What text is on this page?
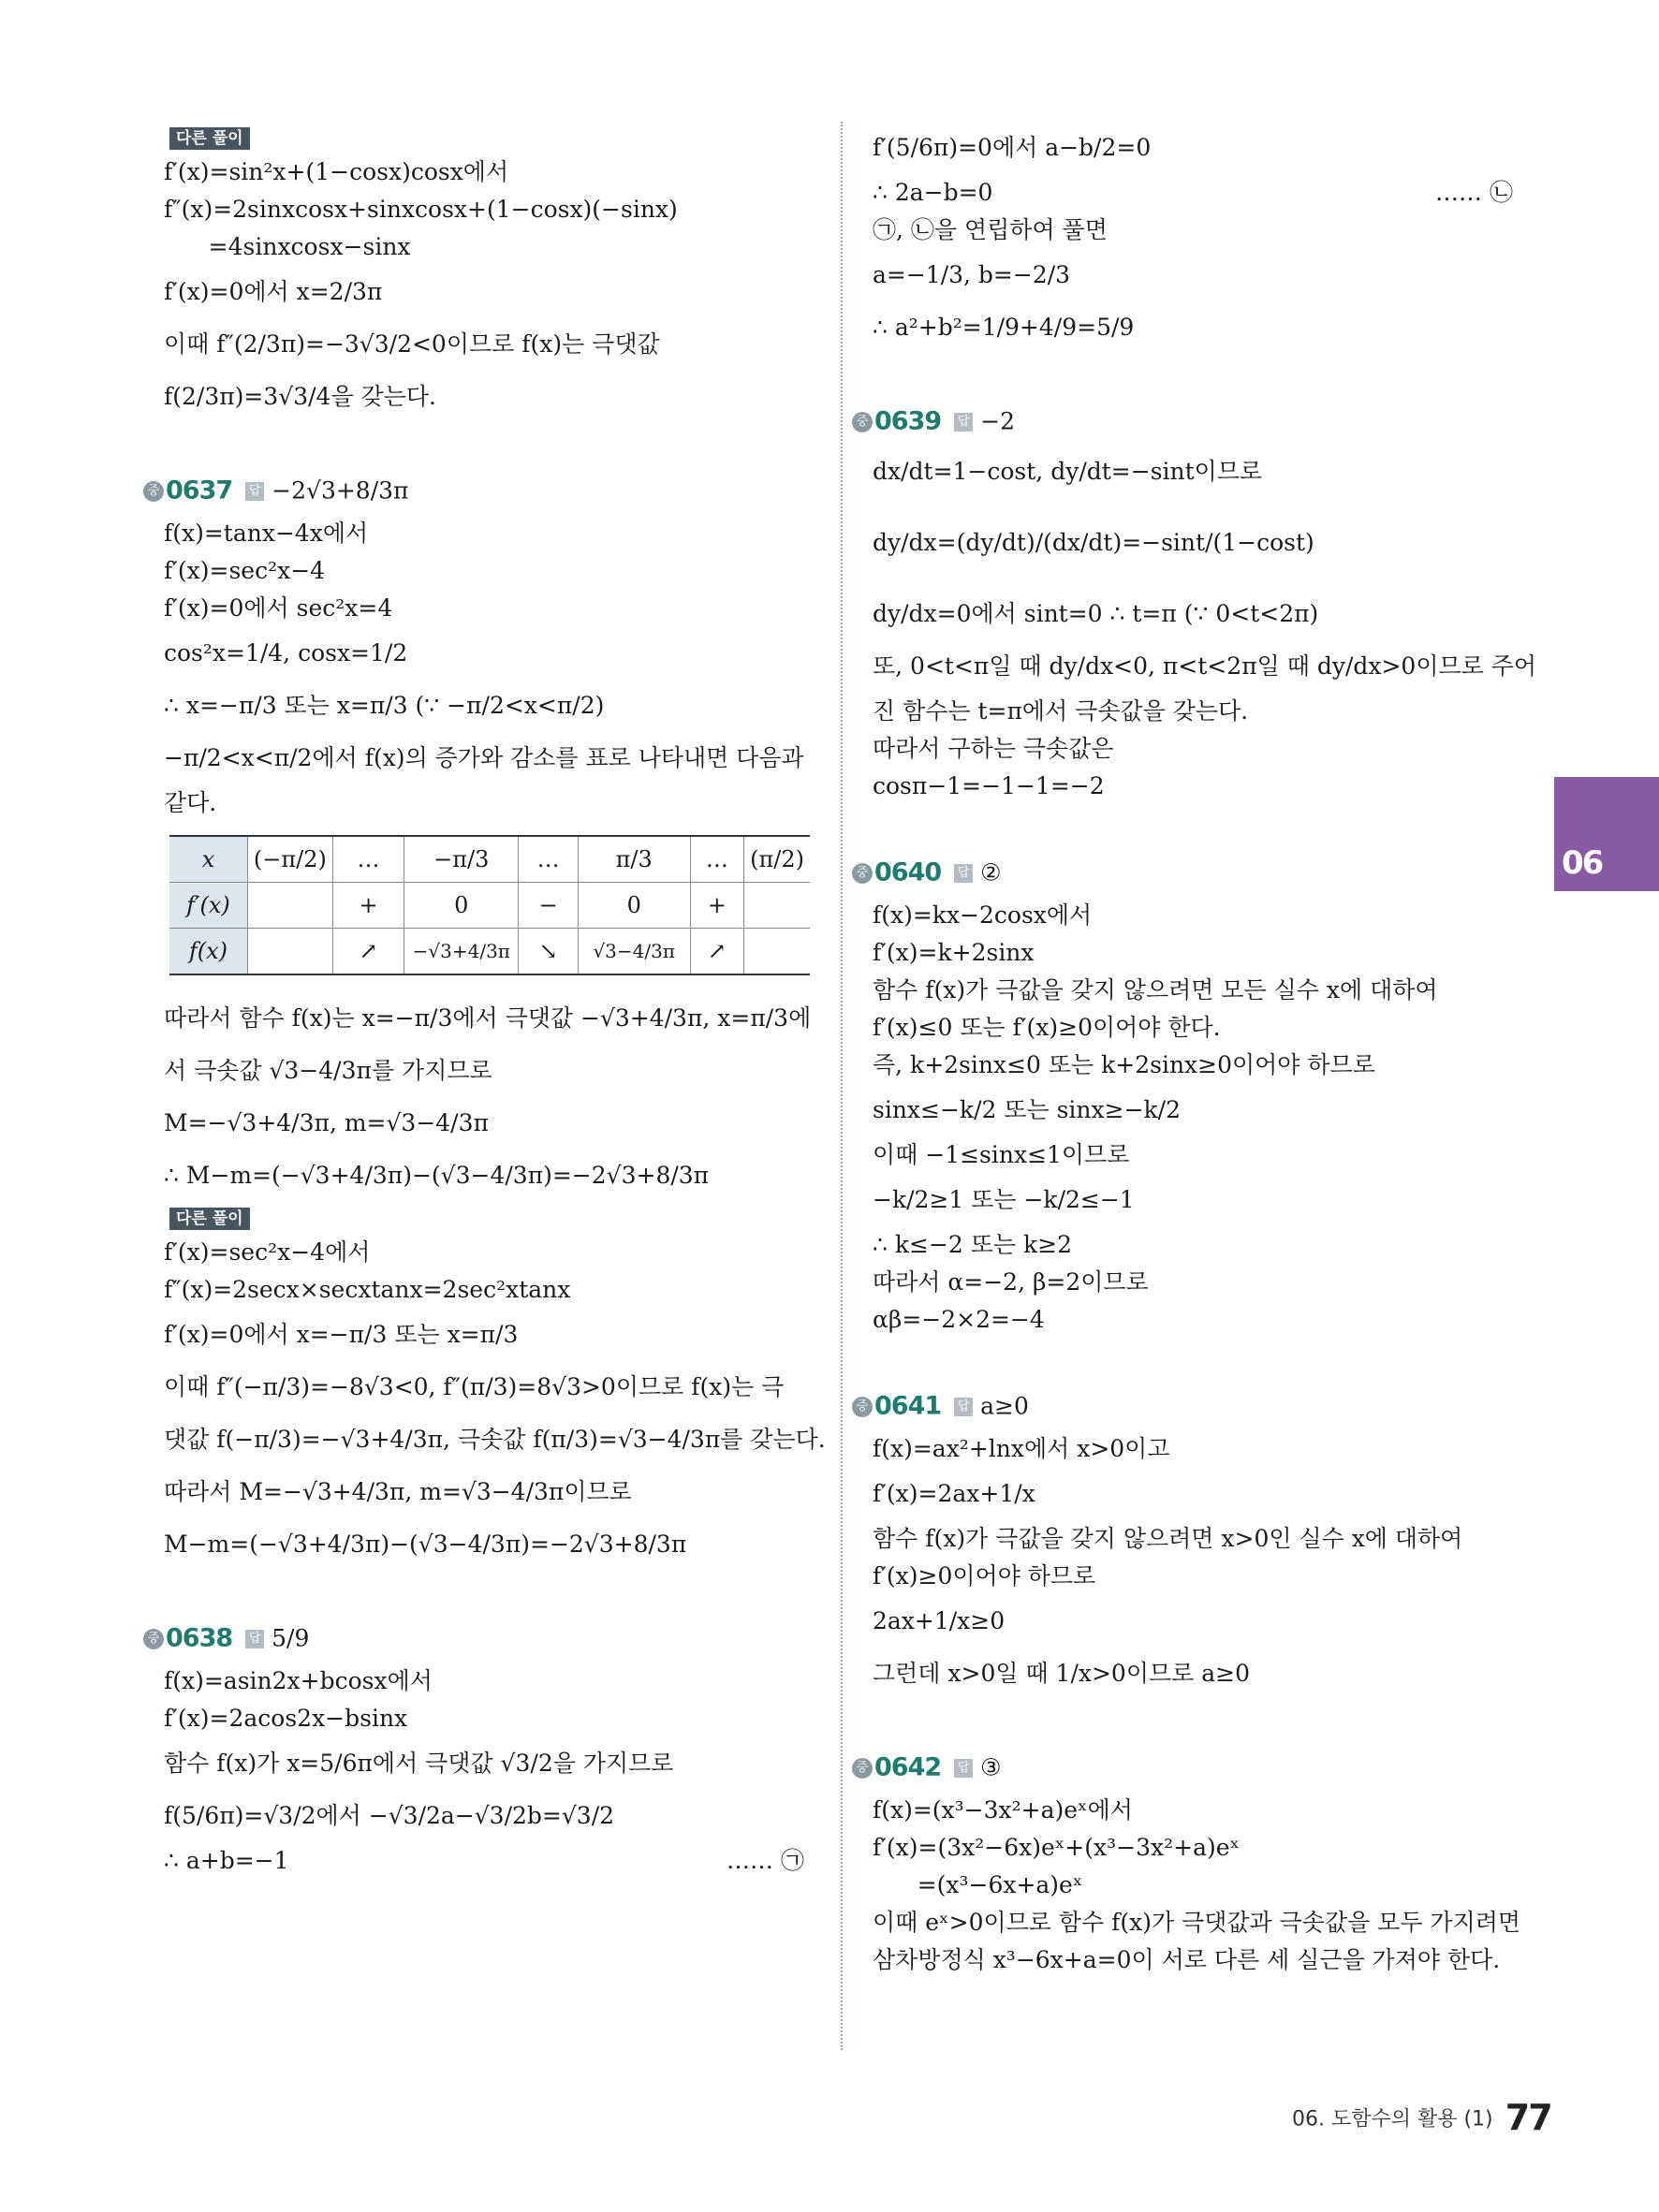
다른 풀이
f′(x)=sin²x+(1−cosx)cosx에서
f″(x)=2sinxcosx+sinxcosx+(1−cosx)(−sinx)
=4sinxcosx−sinx
f′(x)=0에서 x=2/3π
이때 f″(2/3π)=−3√3/2<0이므로 f(x)는 극댓값
f(2/3π)=3√3/4을 갖는다.
중 0637 답 −2√3+8/3π
f(x)=tanx−4x에서
f′(x)=sec²x−4
f′(x)=0에서 sec²x=4
cos²x=1/4, cosx=1/2
∴ x=−π/3 또는 x=π/3 (∵ −π/2<x<π/2)
−π/2<x<π/2에서 f(x)의 증가와 감소를 표로 나타내면 다음과
같다.
x	(−π/2)	…	−π/3	…	π/3	…	(π/2)
f′(x)		+	0	−	0	+	
f(x)		↗	−√3+4/3π	↘	√3−4/3π	↗	
따라서 함수 f(x)는 x=−π/3에서 극댓값 −√3+4/3π, x=π/3에
서 극솟값 √3−4/3π를 가지므로
M=−√3+4/3π, m=√3−4/3π
∴ M−m=(−√3+4/3π)−(√3−4/3π)=−2√3+8/3π
다른 풀이
f′(x)=sec²x−4에서
f″(x)=2secx×secxtanx=2sec²xtanx
f′(x)=0에서 x=−π/3 또는 x=π/3
이때 f″(−π/3)=−8√3<0, f″(π/3)=8√3>0이므로 f(x)는 극
댓값 f(−π/3)=−√3+4/3π, 극솟값 f(π/3)=√3−4/3π를 갖는다.
따라서 M=−√3+4/3π, m=√3−4/3π이므로
M−m=(−√3+4/3π)−(√3−4/3π)=−2√3+8/3π
중 0638 답 5/9
f(x)=asin2x+bcosx에서
f′(x)=2acos2x−bsinx
함수 f(x)가 x=5/6π에서 극댓값 √3/2을 가지므로
f(5/6π)=√3/2에서 −√3/2a−√3/2b=√3/2
∴ a+b=−1	…… ㉠
f′(5/6π)=0에서 a−b/2=0
∴ 2a−b=0	…… ㉡
㉠, ㉡을 연립하여 풀면
a=−1/3, b=−2/3
∴ a²+b²=1/9+4/9=5/9
중 0639 답 −2
dx/dt=1−cost, dy/dt=−sint이므로
dy/dx=(dy/dt)/(dx/dt)=−sint/(1−cost)
dy/dx=0에서 sint=0 ∴ t=π (∵ 0<t<2π)
또, 0<t<π일 때 dy/dx<0, π<t<2π일 때 dy/dx>0이므로 주어
진 함수는 t=π에서 극솟값을 갖는다.
따라서 구하는 극솟값은
cosπ−1=−1−1=−2
중 0640 답 ②
f(x)=kx−2cosx에서
f′(x)=k+2sinx
함수 f(x)가 극값을 갖지 않으려면 모든 실수 x에 대하여
f′(x)≤0 또는 f′(x)≥0이어야 한다.
즉, k+2sinx≤0 또는 k+2sinx≥0이어야 하므로
sinx≤−k/2 또는 sinx≥−k/2
이때 −1≤sinx≤1이므로
−k/2≥1 또는 −k/2≤−1
∴ k≤−2 또는 k≥2
따라서 α=−2, β=2이므로
αβ=−2×2=−4
중 0641 답 a≥0
f(x)=ax²+lnx에서 x>0이고
f′(x)=2ax+1/x
함수 f(x)가 극값을 갖지 않으려면 x>0인 실수 x에 대하여
f′(x)≥0이어야 하므로
2ax+1/x≥0
그런데 x>0일 때 1/x>0이므로 a≥0
중 0642 답 ③
f(x)=(x³−3x²+a)eˣ에서
f′(x)=(3x²−6x)eˣ+(x³−3x²+a)eˣ
=(x³−6x+a)eˣ
이때 eˣ>0이므로 함수 f(x)가 극댓값과 극솟값을 모두 가지려면
삼차방정식 x³−6x+a=0이 서로 다른 세 실근을 가져야 한다.
06
06. 도함수의 활용 (1) 77
